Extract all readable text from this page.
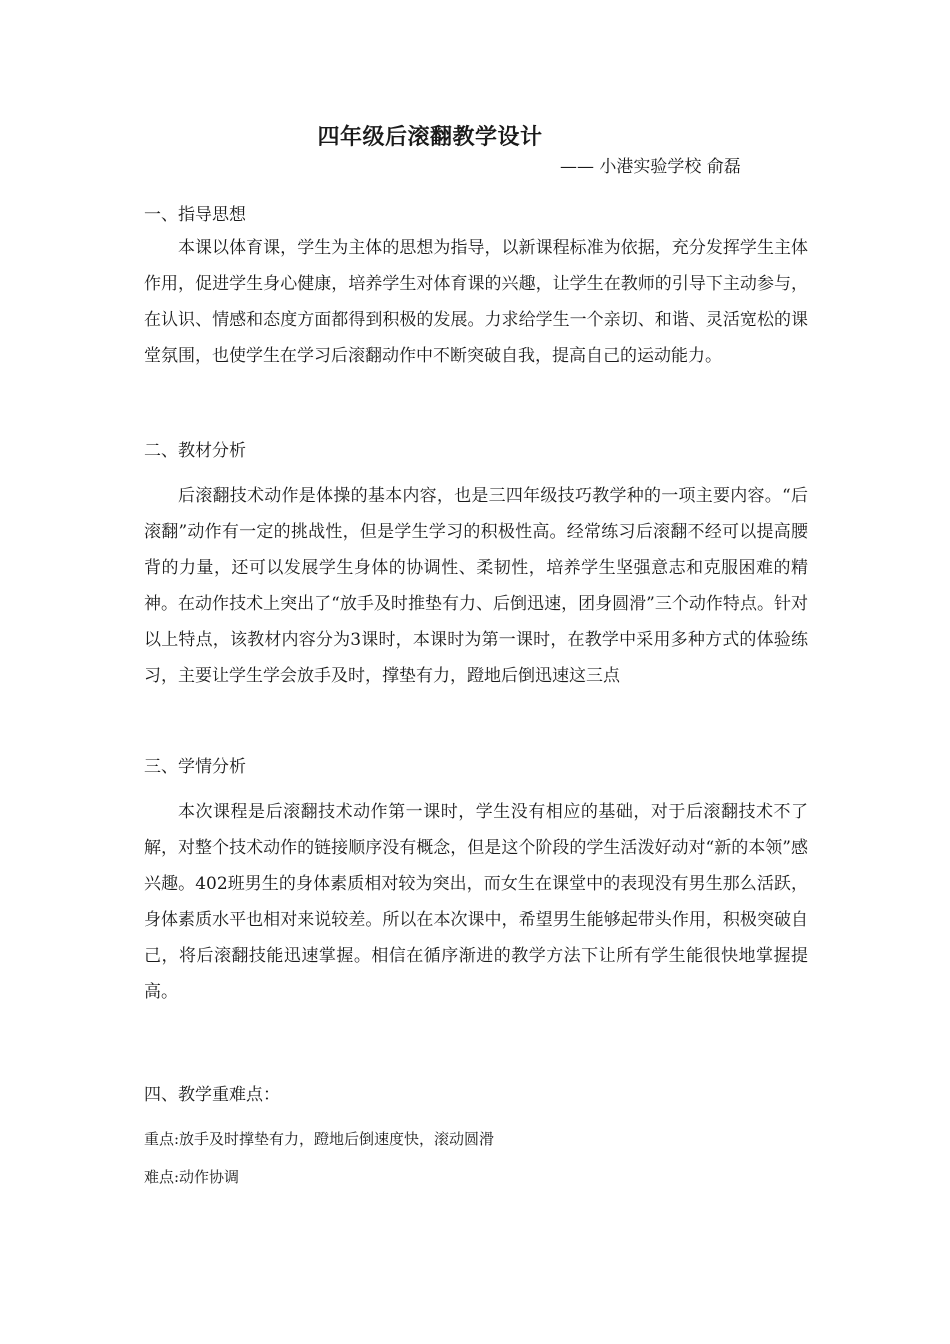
四年级后滚翻教学设计
—— 小港实验学校 俞磊
一、指导思想
本课以体育课，学生为主体的思想为指导，以新课程标准为依据，充分发挥学生主体作用，促进学生身心健康，培养学生对体育课的兴趣，让学生在教师的引导下主动参与，在认识、情感和态度方面都得到积极的发展。力求给学生一个亲切、和谐、灵活宽松的课堂氛围，也使学生在学习后滚翻动作中不断突破自我，提高自己的运动能力。
二、教材分析
后滚翻技术动作是体操的基本内容，也是三四年级技巧教学种的一项主要内容。“后滚翻”动作有一定的挑战性，但是学生学习的积极性高。经常练习后滚翻不经可以提高腰背的力量，还可以发展学生身体的协调性、柔韧性，培养学生坚强意志和克服困难的精神。在动作技术上突出了“放手及时推垫有力、后倒迅速，团身圆滑”三个动作特点。针对以上特点，该教材内容分为3课时，本课时为第一课时，在教学中采用多种方式的体验练习，主要让学生学会放手及时，撑垫有力，蹬地后倒迅速这三点
三、学情分析
本次课程是后滚翻技术动作第一课时，学生没有相应的基础，对于后滚翻技术不了解，对整个技术动作的链接顺序没有概念，但是这个阶段的学生活泼好动对“新的本领”感兴趣。402班男生的身体素质相对较为突出，而女生在课堂中的表现没有男生那么活跃，身体素质水平也相对来说较差。所以在本次课中，希望男生能够起带头作用，积极突破自己，将后滚翻技能迅速掌握。相信在循序渐进的教学方法下让所有学生能很快地掌握提高。
四、教学重难点：
重点:放手及时撑垫有力，蹬地后倒速度快，滚动圆滑
难点:动作协调
